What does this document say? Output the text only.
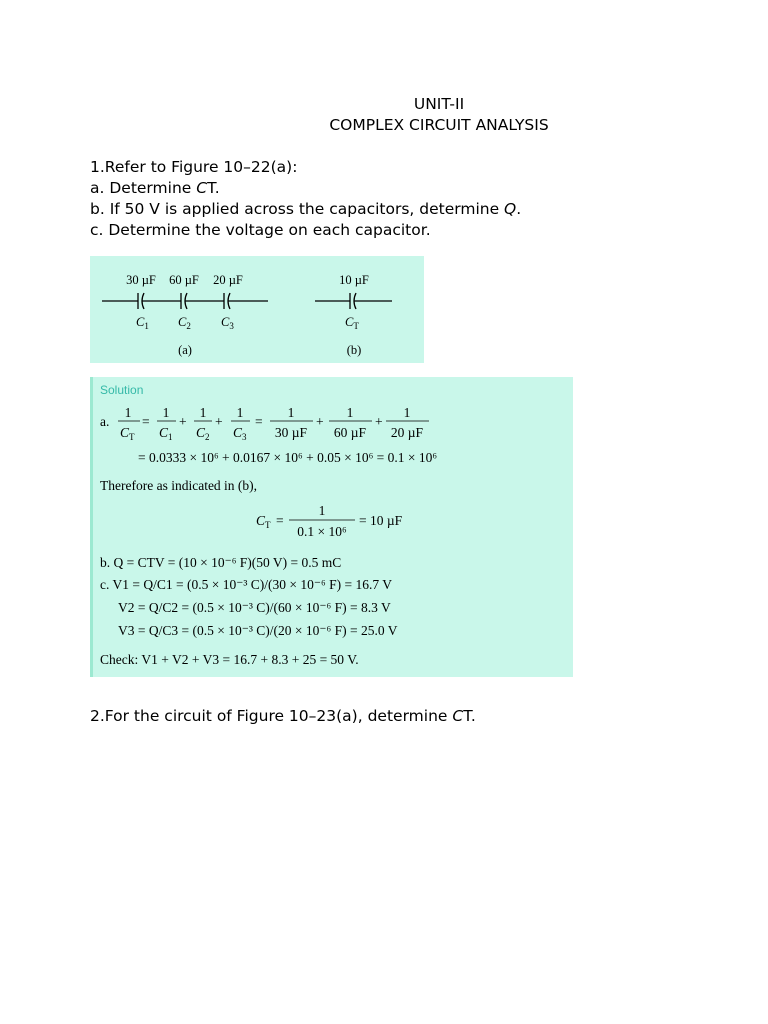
UNIT-II
COMPLEX CIRCUIT ANALYSIS
1.Refer to Figure 10–22(a):
a. Determine CT.
b. If 50 V is applied across the capacitors, determine Q.
c. Determine the voltage on each capacitor.
30 µF 60 µF 20 µF
$C_1$ $C_2$ $C_3$
(a)
10 µF
$C_T$
(b)
Solution
a.
1
$C_T$
=
1
$C_1$
+
1
$C_2$
+
1
$C_3$
=
1
30 µF
+
1
60 µF
+
1
20 µF
= 0.0333 × 10⁶ + 0.0167 × 10⁶ + 0.05 × 10⁶ = 0.1 × 10⁶
Therefore as indicated in (b),
$C_T$ =
1
0.1 × 10⁶
= 10 µF
b. Q = CTV = (10 × 10⁻⁶ F)(50 V) = 0.5 mC
c. V1 = Q/C1 = (0.5 × 10⁻³ C)/(30 × 10⁻⁶ F) = 16.7 V
V2 = Q/C2 = (0.5 × 10⁻³ C)/(60 × 10⁻⁶ F) = 8.3 V
V3 = Q/C3 = (0.5 × 10⁻³ C)/(20 × 10⁻⁶ F) = 25.0 V
Check: V1 + V2 + V3 = 16.7 + 8.3 + 25 = 50 V.
2.For the circuit of Figure 10–23(a), determine CT.
